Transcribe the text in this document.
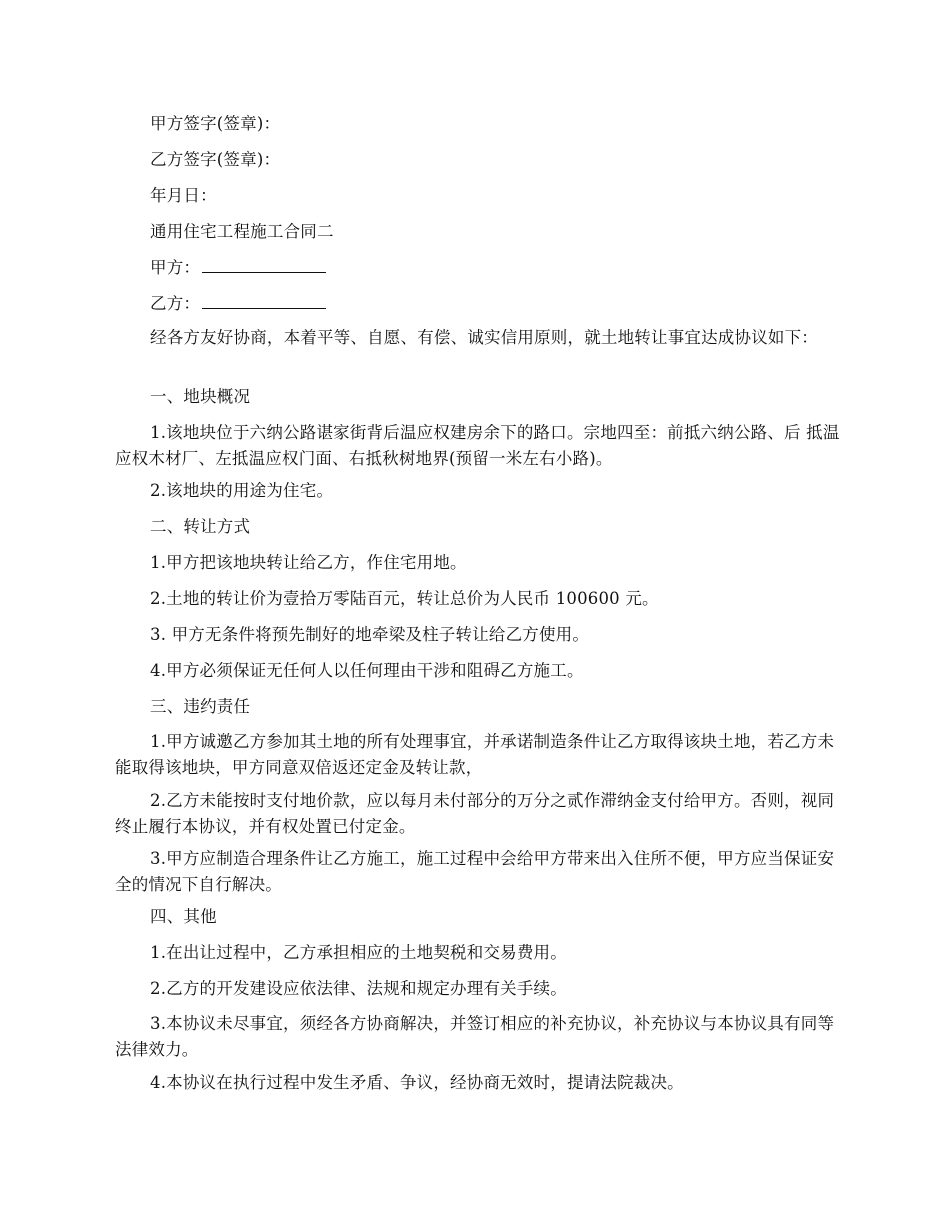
甲方签字(签章)：

乙方签字(签章)：

年月日：

通用住宅工程施工合同二

甲方：

乙方：

经各方友好协商，本着平等、自愿、有偿、诚实信用原则，就土地转让事宜达成协议如下：

一、地块概况

1.该地块位于六纳公路谌家街背后温应权建房余下的路口。宗地四至：前抵六纳公路、后 抵温应权木材厂、左抵温应权门面、右抵秋树地界(预留一米左右小路)。

2.该地块的用途为住宅。

二、转让方式

1.甲方把该地块转让给乙方，作住宅用地。

2.土地的转让价为壹拾万零陆百元，转让总价为人民币 100600 元。

3. 甲方无条件将预先制好的地牵梁及柱子转让给乙方使用。

4.甲方必须保证无任何人以任何理由干涉和阻碍乙方施工。

三、违约责任

1.甲方诚邀乙方参加其土地的所有处理事宜，并承诺制造条件让乙方取得该块土地，若乙方未能取得该地块，甲方同意双倍返还定金及转让款，

2.乙方未能按时支付地价款，应以每月未付部分的万分之贰作滞纳金支付给甲方。否则，视同终止履行本协议，并有权处置已付定金。

3.甲方应制造合理条件让乙方施工，施工过程中会给甲方带来出入住所不便，甲方应当保证安全的情况下自行解决。

四、其他

1.在出让过程中，乙方承担相应的土地契税和交易费用。

2.乙方的开发建设应依法律、法规和规定办理有关手续。

3.本协议未尽事宜，须经各方协商解决，并签订相应的补充协议，补充协议与本协议具有同等法律效力。

4.本协议在执行过程中发生矛盾、争议，经协商无效时，提请法院裁决。
